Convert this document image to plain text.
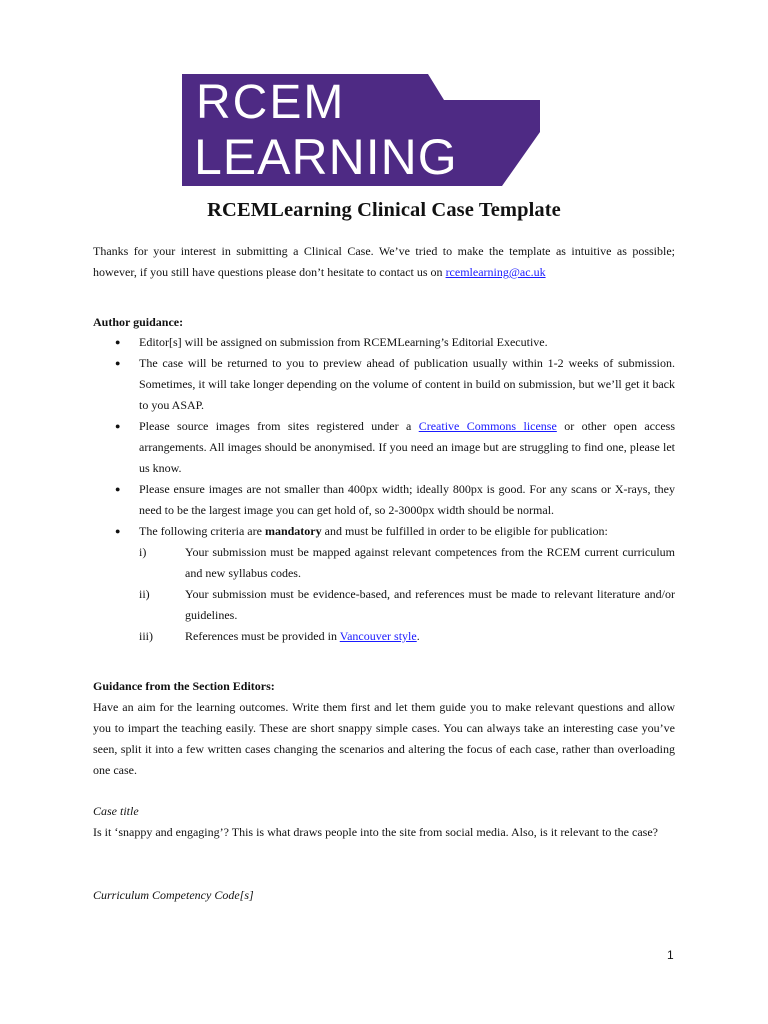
RCEM
LEARNING
RCEMLearning Clinical Case Template
Thanks for your interest in submitting a Clinical Case. We’ve tried to make the template as intuitive as possible; however, if you still have questions please don’t hesitate to contact us on rcemlearning@ac.uk
Author guidance:
● Editor[s] will be assigned on submission from RCEMLearning’s Editorial Executive.
● The case will be returned to you to preview ahead of publication usually within 1-2 weeks of submission. Sometimes, it will take longer depending on the volume of content in build on submission, but we’ll get it back to you ASAP.
● Please source images from sites registered under a Creative Commons license or other open access arrangements. All images should be anonymised. If you need an image but are struggling to find one, please let us know.
● Please ensure images are not smaller than 400px width; ideally 800px is good. For any scans or X-rays, they need to be the largest image you can get hold of, so 2-3000px width should be normal.
● The following criteria are mandatory and must be fulfilled in order to be eligible for publication:
i)	Your submission must be mapped against relevant competences from the RCEM current curriculum and new syllabus codes.
ii)	Your submission must be evidence-based, and references must be made to relevant literature and/or guidelines.
iii)	References must be provided in Vancouver style.
Guidance from the Section Editors:
Have an aim for the learning outcomes. Write them first and let them guide you to make relevant questions and allow you to impart the teaching easily. These are short snappy simple cases. You can always take an interesting case you’ve seen, split it into a few written cases changing the scenarios and altering the focus of each case, rather than overloading one case.
Case title
Is it ‘snappy and engaging’? This is what draws people into the site from social media. Also, is it relevant to the case?
Curriculum Competency Code[s]
1
